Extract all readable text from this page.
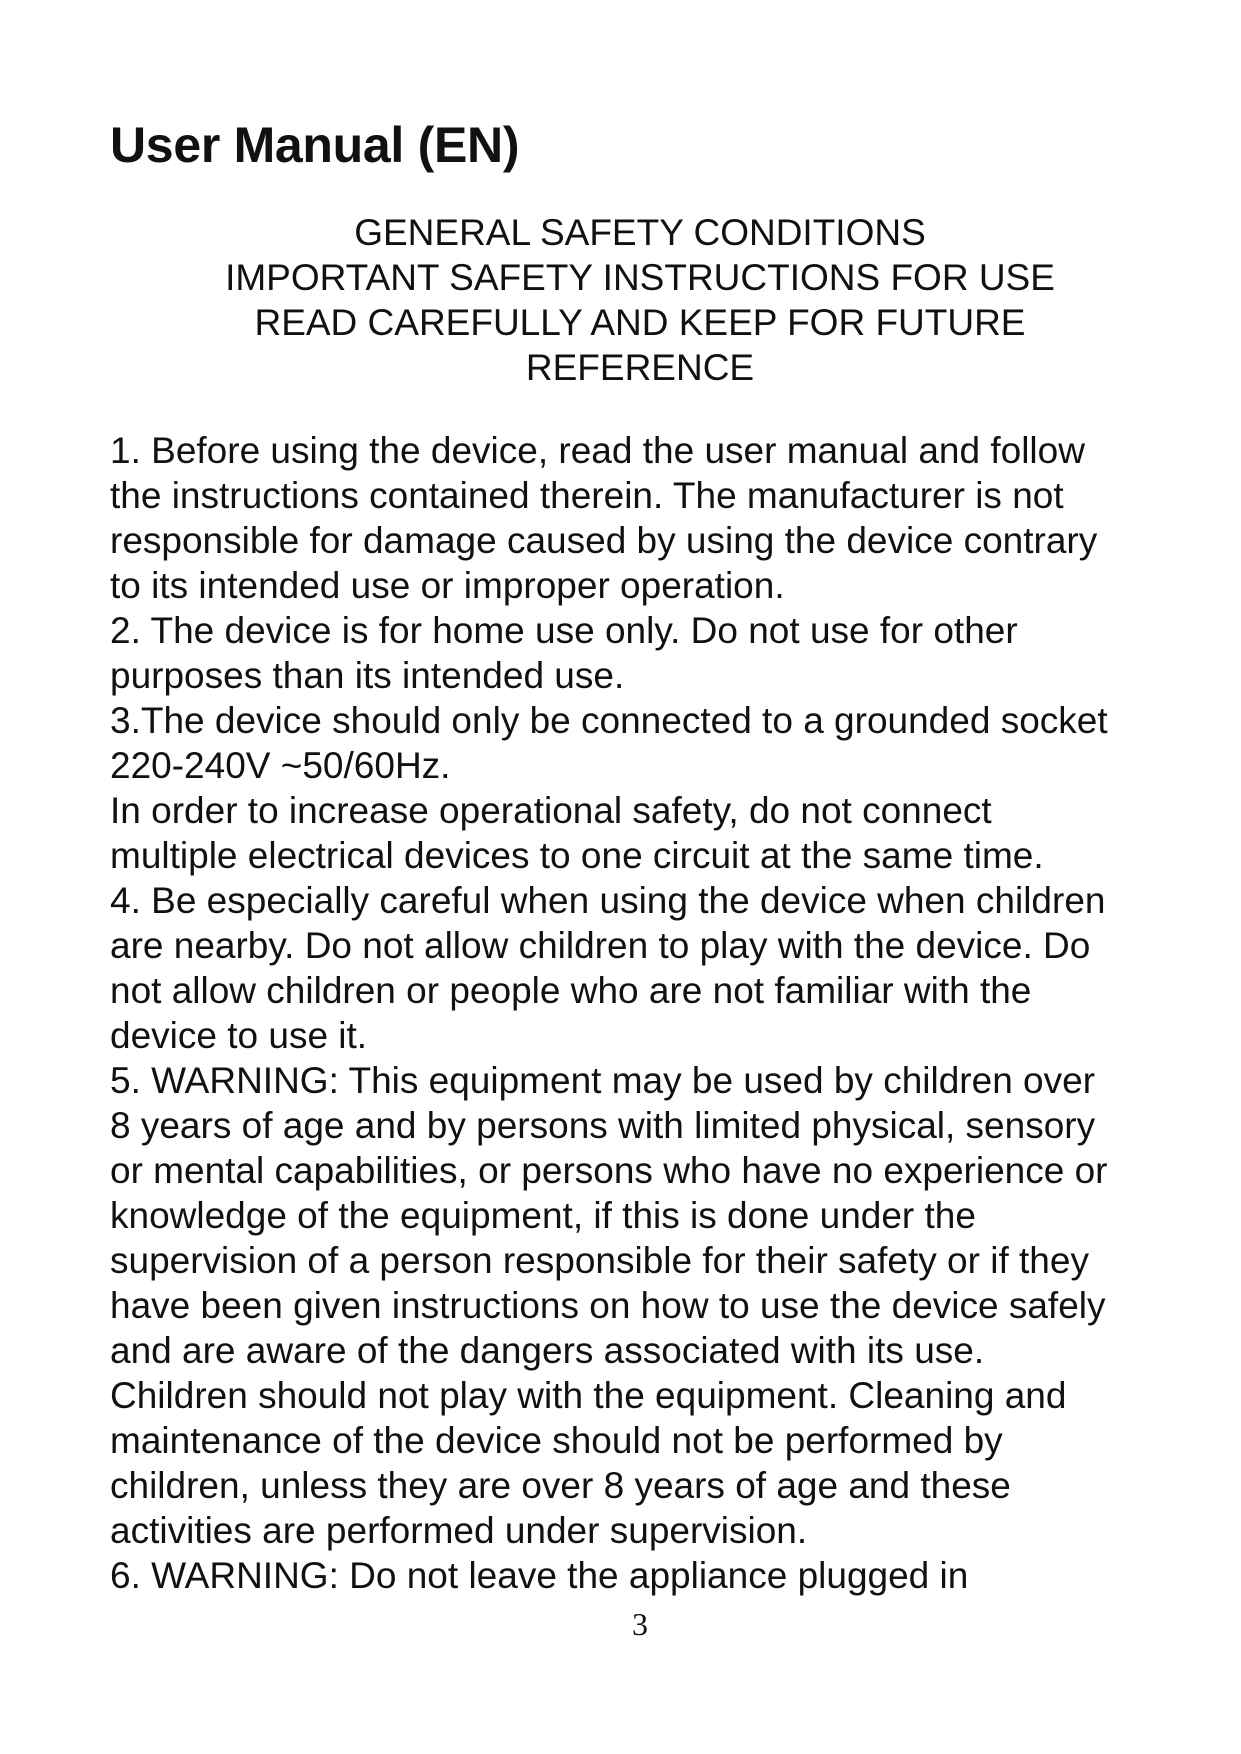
User Manual (EN)
GENERAL SAFETY CONDITIONS
IMPORTANT SAFETY INSTRUCTIONS FOR USE
READ CAREFULLY AND KEEP FOR FUTURE
REFERENCE
1. Before using the device, read the user manual and follow
the instructions contained therein. The manufacturer is not
responsible for damage caused by using the device contrary
to its intended use or improper operation.
2. The device is for home use only. Do not use for other
purposes than its intended use.
3.The device should only be connected to a grounded socket
220-240V ~50/60Hz.
In order to increase operational safety, do not connect
multiple electrical devices to one circuit at the same time.
4. Be especially careful when using the device when children
are nearby. Do not allow children to play with the device. Do
not allow children or people who are not familiar with the
device to use it.
5. WARNING: This equipment may be used by children over
8 years of age and by persons with limited physical, sensory
or mental capabilities, or persons who have no experience or
knowledge of the equipment, if this is done under the
supervision of a person responsible for their safety or if they
have been given instructions on how to use the device safely
and are aware of the dangers associated with its use.
Children should not play with the equipment. Cleaning and
maintenance of the device should not be performed by
children, unless they are over 8 years of age and these
activities are performed under supervision.
6. WARNING: Do not leave the appliance plugged in
3
